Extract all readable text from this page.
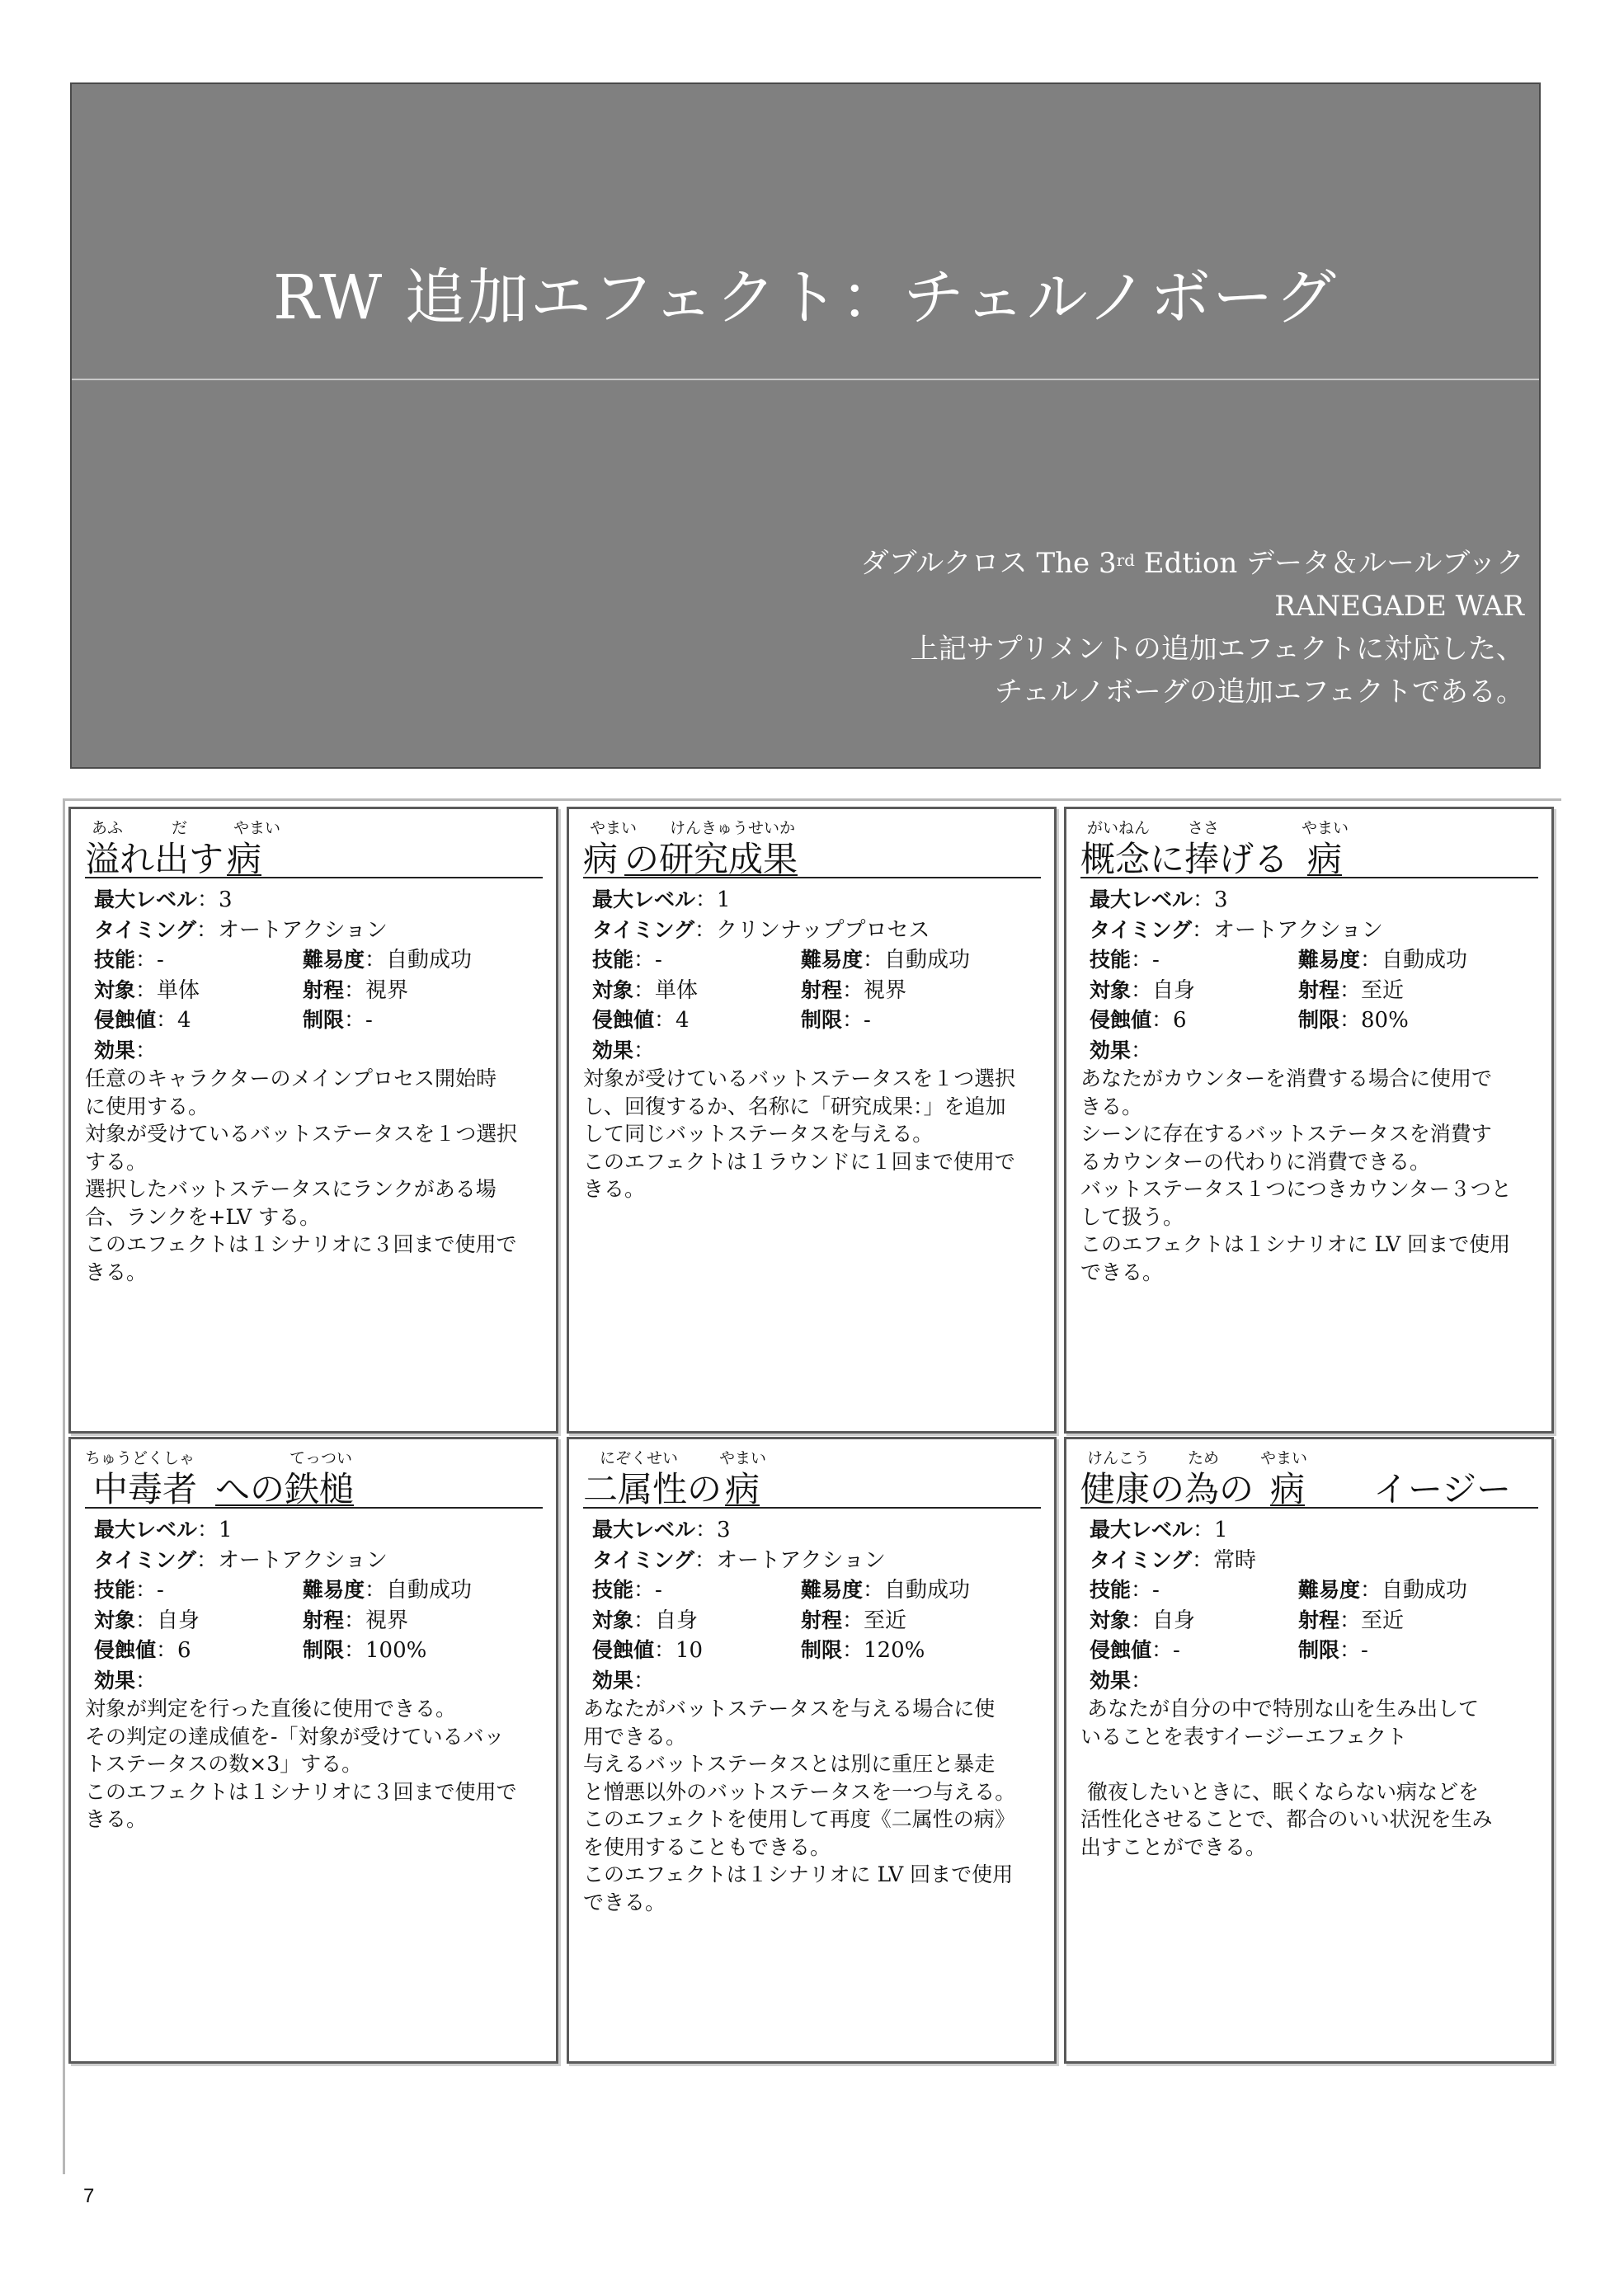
RW 追加エフェクト：チェルノボーグ
ダブルクロス The 3rd Edtion データ＆ルールブック
RANEGADE WAR
上記サプリメントの追加エフェクトに対応した、
チェルノボーグの追加エフェクトである。
あふ	だ	やまい
溢れ出す 病
最大レベル：3
タイミング：オートアクション
技能：-	難易度：自動成功
対象：単体	射程：視界
侵蝕値：4	制限：-
効果：
任意のキャラクターのメインプロセス開始時
に使用する。
対象が受けているバットステータスを１つ選択
する。
選択したバットステータスにランクがある場
合、ランクを+LV する。
このエフェクトは１シナリオに３回まで使用で
きる。
やまい けんきゅうせいか
病 の研究成果
最大レベル：1
タイミング：クリンナッププロセス
技能：-	難易度：自動成功
対象：単体	射程：視界
侵蝕値：4	制限：-
効果：
対象が受けているバットステータスを１つ選択
し、回復するか、名称に「研究成果：」を追加
して同じバットステータスを与える。
このエフェクトは１ラウンドに１回まで使用で
きる。
がいねん ささ	やまい
概念に捧げる 病
最大レベル：3
タイミング：オートアクション
技能：-	難易度：自動成功
対象：自身	射程：至近
侵蝕値：6	制限：80%
効果：
あなたがカウンターを消費する場合に使用で
きる。
シーンに存在するバットステータスを消費す
るカウンターの代わりに消費できる。
バットステータス１つにつきカウンター３つと
して扱う。
このエフェクトは１シナリオに LV 回まで使用
できる。
ちゅうどくしゃ	てっつい
中毒者 への鉄槌
最大レベル：1
タイミング：オートアクション
技能：-	難易度：自動成功
対象：自身	射程：視界
侵蝕値：6	制限：100%
効果：
対象が判定を行った直後に使用できる。
その判定の達成値を-「対象が受けているバッ
トステータスの数×3」する。
このエフェクトは１シナリオに３回まで使用で
きる。
にぞくせい	やまい
二属性の 病
最大レベル：3
タイミング：オートアクション
技能：-	難易度：自動成功
対象：自身	射程：至近
侵蝕値：10	制限：120%
効果：
あなたがバットステータスを与える場合に使
用できる。
与えるバットステータスとは別に重圧と暴走
と憎悪以外のバットステータスを一つ与える。
このエフェクトを使用して再度《二属性の病》
を使用することもできる。
このエフェクトは１シナリオに LV 回まで使用
できる。
けんこう ため	やまい
健康の為の 病 イージー
最大レベル：1
タイミング：常時
技能：-	難易度：自動成功
対象：自身	射程：至近
侵蝕値：-	制限：-
効果：
あなたが自分の中で特別な山を生み出して
いることを表すイージーエフェクト

徹夜したいときに、眠くならない病などを
活性化させることで、都合のいい状況を生み
出すことができる。
7
